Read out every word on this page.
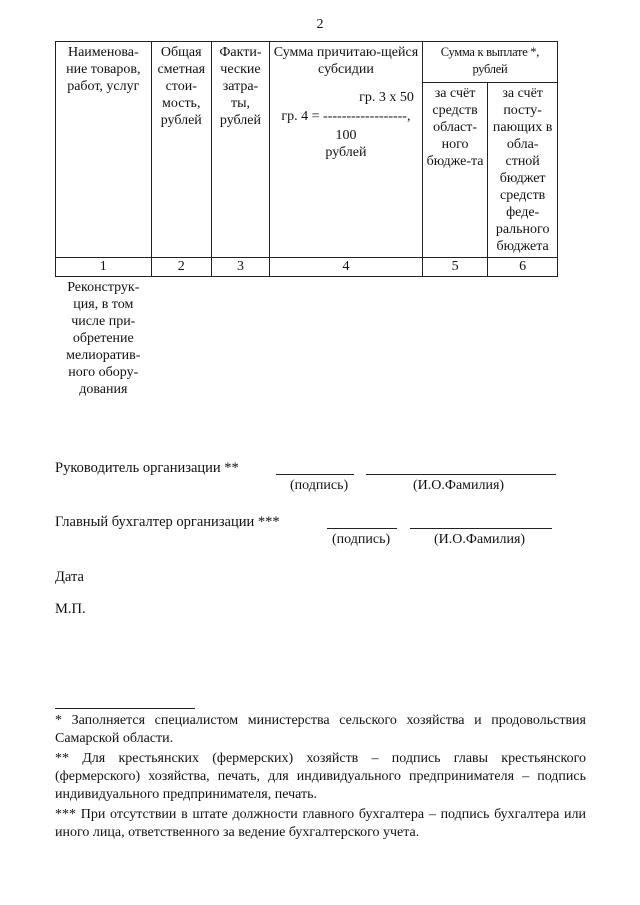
2
Наименова-ние товаров, работ, услуг	Общая сметная стои-мость, рублей	Факти-ческие затра-ты, рублей	Сумма причитаю-щейся субсидии
гр. 3 х 50
гр. 4 = ------------------,
100
рублей	Сумма к выплате *, рублей	
				за счёт средств област-ного бюдже-та	за счёт посту-пающих в обла-стной бюджет средств феде-рального бюджета
1	2	3	4	5	6
Реконструк-ция, в том числе при-обретение мелиоратив-ного обору-дования					
Руководитель организации **
(подпись)	(И.О.Фамилия)
Главный бухгалтер организации ***
(подпись)	(И.О.Фамилия)
Дата
М.П.

* Заполняется специалистом министерства сельского хозяйства и продовольствия Самарской области.

** Для крестьянских (фермерских) хозяйств – подпись главы крестьянского (фермерского) хозяйства, печать, для индивидуального предпринимателя – подпись индивидуального предпринимателя, печать.

*** При отсутствии в штате должности главного бухгалтера – подпись бухгалтера или иного лица, ответственного за ведение бухгалтерского учета.
